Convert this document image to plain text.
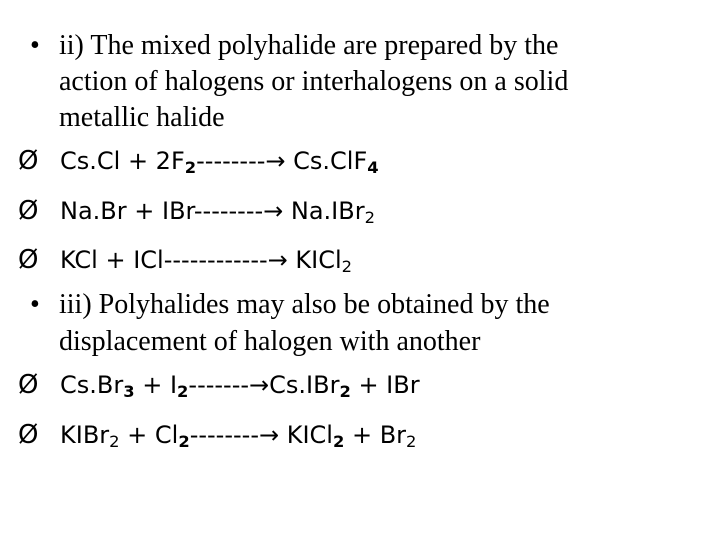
• ii) The mixed polyhalide are prepared by the
action of halogens or interhalogens on a solid
metallic halide
Ø $Cs.Cl + 2F_2--------\to Cs.ClF_4$
Ø Na.Br + IBr--------→ Na.IBr$_2$
Ø KCl + ICl------------→ KICl$_2$
• iii) Polyhalides may also be obtained by the
displacement of halogen with another
Ø $Cs.Br_3 + I_2-------\to Cs.IBr_2$ + IBr
Ø KIBr$_2$ + $Cl_2--------\to$ KICl$_2$ + $Br_2$
